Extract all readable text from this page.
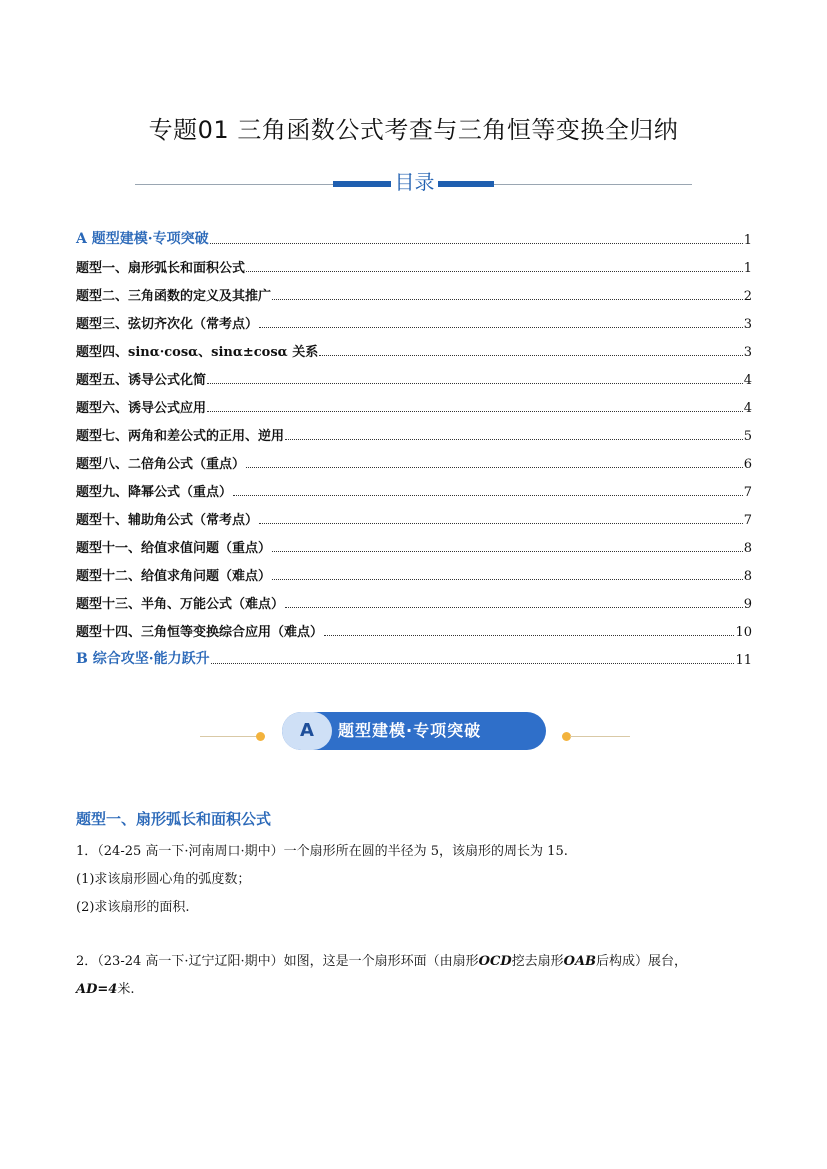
专题01 三角函数公式考查与三角恒等变换全归纳
目录
A 题型建模·专项突破	1
题型一、扇形弧长和面积公式	1
题型二、三角函数的定义及其推广	2
题型三、弦切齐次化（常考点）	3
题型四、sinα·cosα、sinα±cosα 关系	3
题型五、诱导公式化简	4
题型六、诱导公式应用	4
题型七、两角和差公式的正用、逆用	5
题型八、二倍角公式（重点）	6
题型九、降幂公式（重点）	7
题型十、辅助角公式（常考点）	7
题型十一、给值求值问题（重点）	8
题型十二、给值求角问题（难点）	8
题型十三、半角、万能公式（难点）	9
题型十四、三角恒等变换综合应用（难点）	10
B 综合攻坚·能力跃升	11
A	题型建模·专项突破
题型一、扇形弧长和面积公式
1．（24-25 高一下·河南周口·期中）一个扇形所在圆的半径为 5，该扇形的周长为 15.
(1)求该扇形圆心角的弧度数；
(2)求该扇形的面积.
2．（23-24 高一下·辽宁辽阳·期中）如图，这是一个扇形环面（由扇形OCD挖去扇形OAB后构成）展台，
AD=4米.
